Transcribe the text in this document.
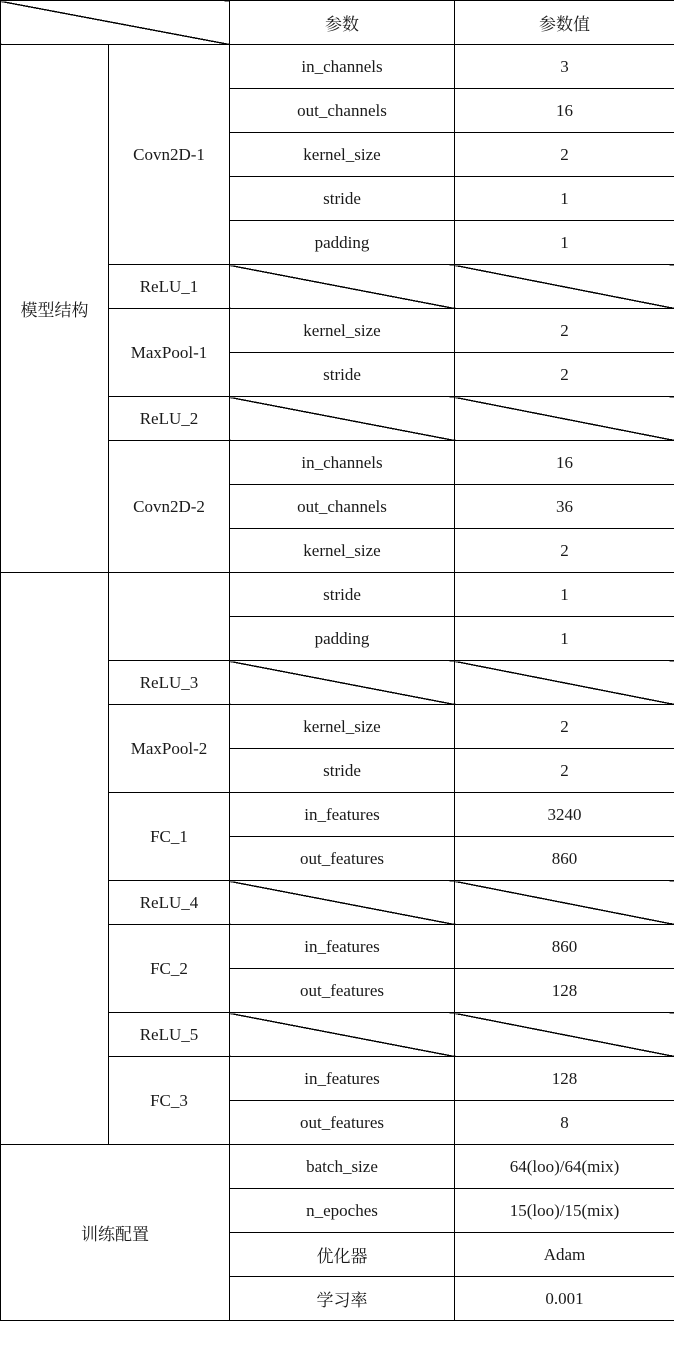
		参数	参数值
模型结构	Covn2D-1	in_channels	3
		out_channels	16
		kernel_size	2
		stride	1
		padding	1
	ReLU_1		
	MaxPool-1	kernel_size	2
		stride	2
	ReLU_2		
	Covn2D-2	in_channels	16
		out_channels	36
		kernel_size	2
		stride	1
		padding	1
	ReLU_3		
	MaxPool-2	kernel_size	2
		stride	2
	FC_1	in_features	3240
		out_features	860
	ReLU_4		
	FC_2	in_features	860
		out_features	128
	ReLU_5		
	FC_3	in_features	128
		out_features	8
训练配置		batch_size	64(loo)/64(mix)
		n_epoches	15(loo)/15(mix)
		优化器	Adam
		学习率	0.001
